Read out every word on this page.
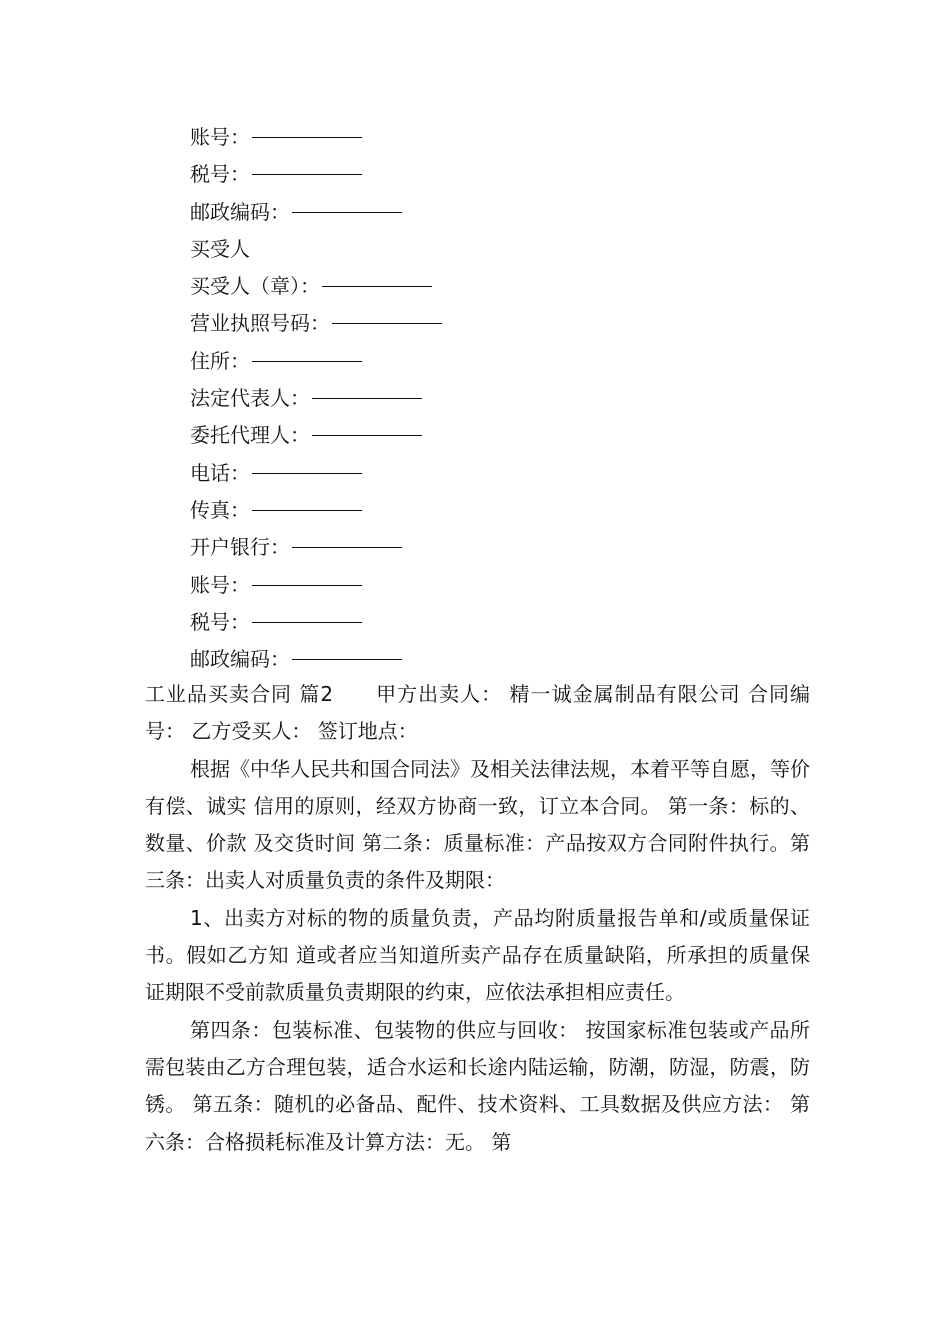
账号：
税号：
邮政编码：
买受人
买受人（章）：
营业执照号码：
住所：
法定代表人：
委托代理人：
电话：
传真：
开户银行：
账号：
税号：
邮政编码：

工业品买卖合同 篇2　　甲方出卖人： 精一诚金属制品有限公司 合同编号： 乙方受买人： 签订地点：

根据《中华人民共和国合同法》及相关法律法规，本着平等自愿，等价有偿、诚实 信用的原则，经双方协商一致，订立本合同。 第一条：标的、数量、价款 及交货时间 第二条：质量标准：产品按双方合同附件执行。第三条：出卖人对质量负责的条件及期限：

1、出卖方对标的物的质量负责，产品均附质量报告单和/或质量保证书。假如乙方知 道或者应当知道所卖产品存在质量缺陷，所承担的质量保证期限不受前款质量负责期限的约束，应依法承担相应责任。

第四条：包装标准、包装物的供应与回收： 按国家标准包装或产品所需包装由乙方合理包装，适合水运和长途内陆运输，防潮，防湿，防震，防锈。 第五条：随机的必备品、配件、技术资料、工具数据及供应方法： 第六条：合格损耗标准及计算方法：无。 第
